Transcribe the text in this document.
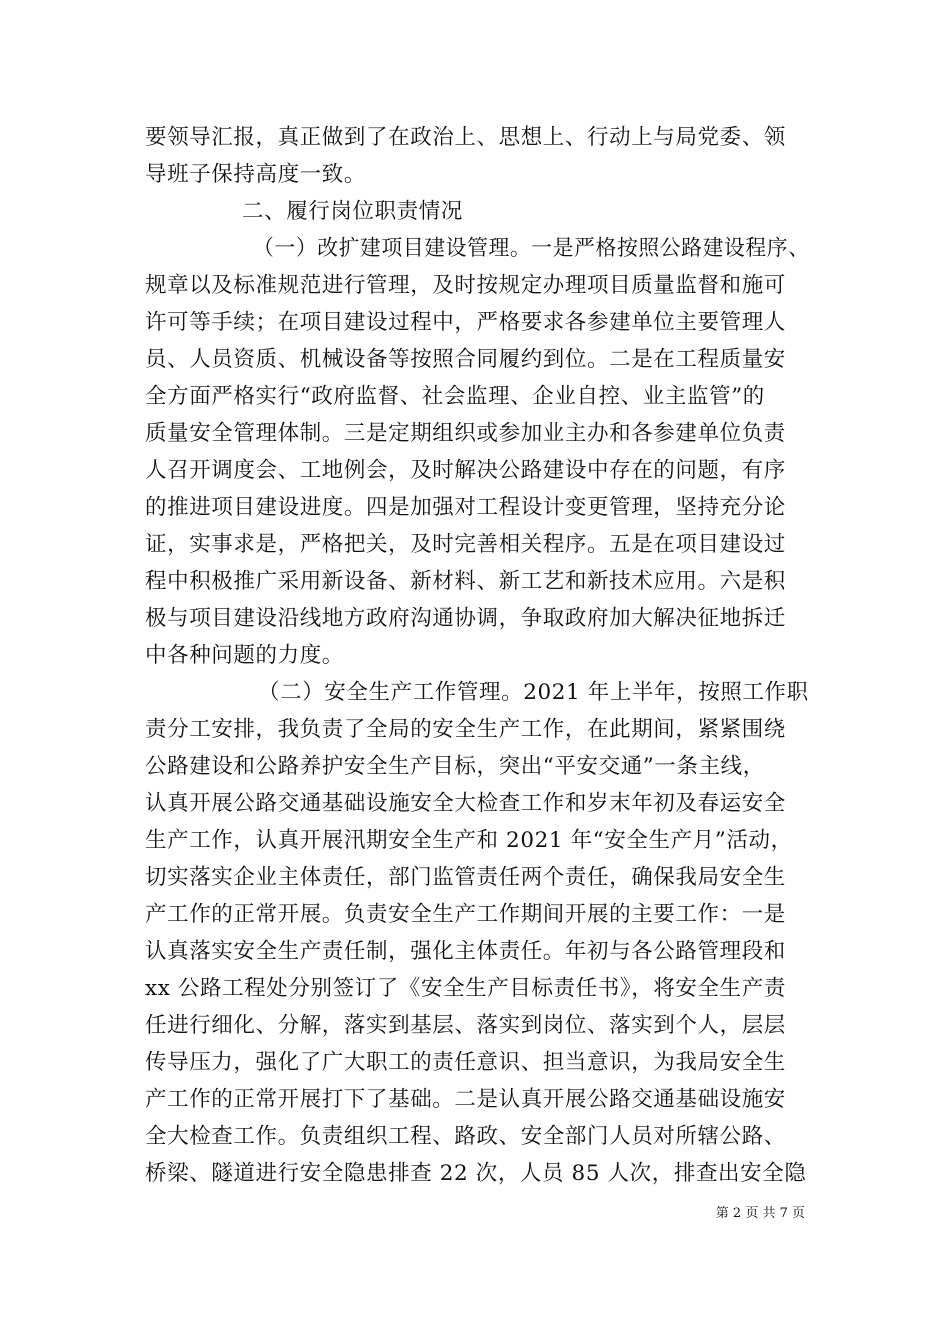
要领导汇报，真正做到了在政治上、思想上、行动上与局党委、领
导班子保持高度一致。
二、履行岗位职责情况
（一）改扩建项目建设管理。一是严格按照公路建设程序、
规章以及标准规范进行管理，及时按规定办理项目质量监督和施可
许可等手续；在项目建设过程中，严格要求各参建单位主要管理人
员、人员资质、机械设备等按照合同履约到位。二是在工程质量安
全方面严格实行“政府监督、社会监理、企业自控、业主监管”的
质量安全管理体制。三是定期组织或参加业主办和各参建单位负责
人召开调度会、工地例会，及时解决公路建设中存在的问题，有序
的推进项目建设进度。四是加强对工程设计变更管理，坚持充分论
证，实事求是，严格把关，及时完善相关程序。五是在项目建设过
程中积极推广采用新设备、新材料、新工艺和新技术应用。六是积
极与项目建设沿线地方政府沟通协调，争取政府加大解决征地拆迁
中各种问题的力度。
（二）安全生产工作管理。2021 年上半年，按照工作职
责分工安排，我负责了全局的安全生产工作，在此期间，紧紧围绕
公路建设和公路养护安全生产目标，突出“平安交通”一条主线，
认真开展公路交通基础设施安全大检查工作和岁末年初及春运安全
生产工作，认真开展汛期安全生产和 2021 年“安全生产月”活动，
切实落实企业主体责任，部门监管责任两个责任，确保我局安全生
产工作的正常开展。负责安全生产工作期间开展的主要工作：一是
认真落实安全生产责任制，强化主体责任。年初与各公路管理段和
xx 公路工程处分别签订了《安全生产目标责任书》，将安全生产责
任进行细化、分解，落实到基层、落实到岗位、落实到个人，层层
传导压力，强化了广大职工的责任意识、担当意识，为我局安全生
产工作的正常开展打下了基础。二是认真开展公路交通基础设施安
全大检查工作。负责组织工程、路政、安全部门人员对所辖公路、
桥梁、隧道进行安全隐患排查 22 次，人员 85 人次，排查出安全隐
第 2 页 共 7 页
